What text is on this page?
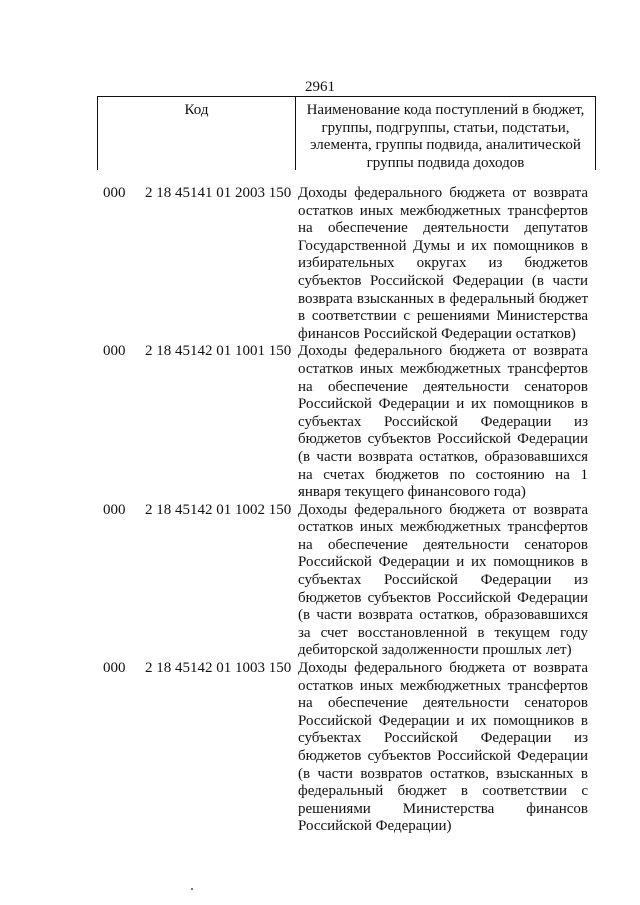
2961
Код	Наименование кода поступлений в бюджет, группы, подгруппы, статьи, подстатьи, элемента, группы подвида, аналитической группы подвида доходов
000	2 18 45141 01 2003 150 Доходы федерального бюджета от возврата остатков иных межбюджетных трансфертов на обеспечение деятельности депутатов Государственной Думы и их помощников в избирательных округах из бюджетов субъектов Российской Федерации (в части возврата взысканных в федеральный бюджет в соответствии с решениями Министерства финансов Российской Федерации остатков)
000	2 18 45142 01 1001 150 Доходы федерального бюджета от возврата остатков иных межбюджетных трансфертов на обеспечение деятельности сенаторов Российской Федерации и их помощников в субъектах Российской Федерации из бюджетов субъектов Российской Федерации (в части возврата остатков, образовавшихся на счетах бюджетов по состоянию на 1 января текущего финансового года)
000	2 18 45142 01 1002 150 Доходы федерального бюджета от возврата остатков иных межбюджетных трансфертов на обеспечение деятельности сенаторов Российской Федерации и их помощников в субъектах Российской Федерации из бюджетов субъектов Российской Федерации (в части возврата остатков, образовавшихся за счет восстановленной в текущем году дебиторской задолженности прошлых лет)
000	2 18 45142 01 1003 150 Доходы федерального бюджета от возврата остатков иных межбюджетных трансфертов на обеспечение деятельности сенаторов Российской Федерации и их помощников в субъектах Российской Федерации из бюджетов субъектов Российской Федерации (в части возвратов остатков, взысканных в федеральный бюджет в соответствии с решениями Министерства финансов Российской Федерации)
